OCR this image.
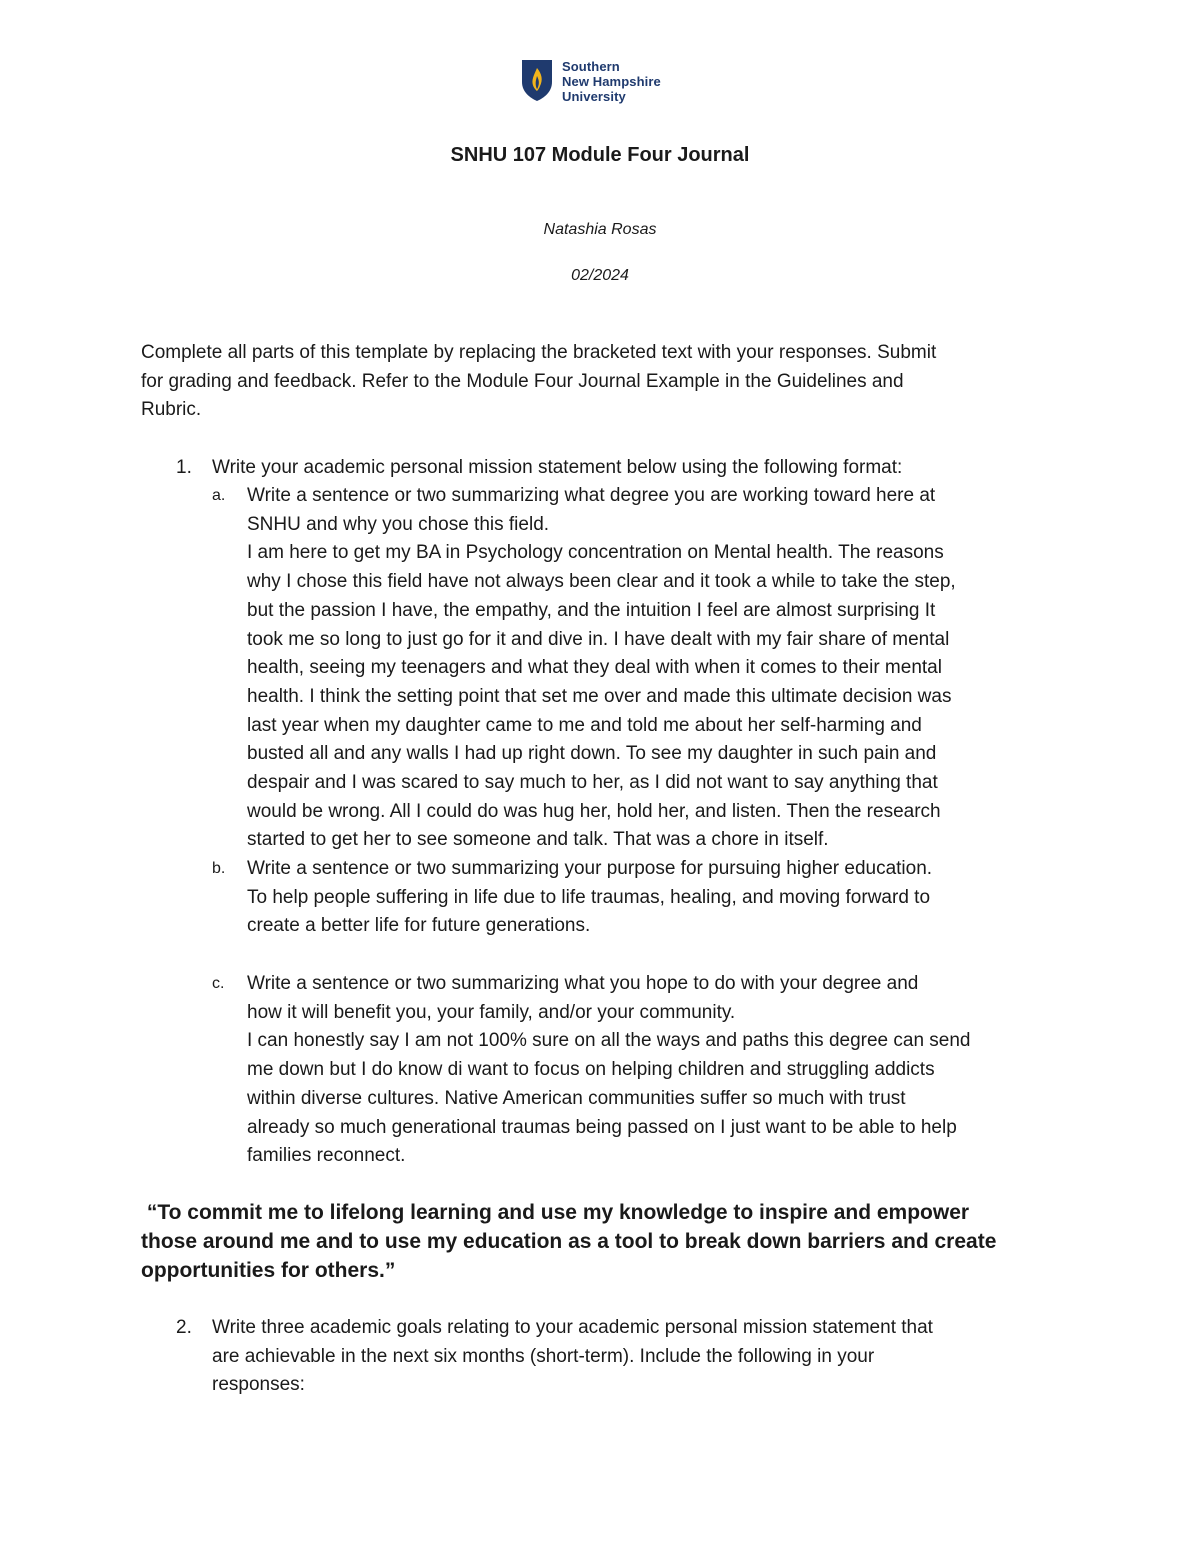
Southern
New Hampshire
University
SNHU 107 Module Four Journal
Natashia Rosas
02/2024
Complete all parts of this template by replacing the bracketed text with your responses. Submit
for grading and feedback. Refer to the Module Four Journal Example in the Guidelines and
Rubric.
1. Write your academic personal mission statement below using the following format:
a. Write a sentence or two summarizing what degree you are working toward here at
SNHU and why you chose this field.
I am here to get my BA in Psychology concentration on Mental health. The reasons
why I chose this field have not always been clear and it took a while to take the step,
but the passion I have, the empathy, and the intuition I feel are almost surprising It
took me so long to just go for it and dive in. I have dealt with my fair share of mental
health, seeing my teenagers and what they deal with when it comes to their mental
health. I think the setting point that set me over and made this ultimate decision was
last year when my daughter came to me and told me about her self-harming and
busted all and any walls I had up right down. To see my daughter in such pain and
despair and I was scared to say much to her, as I did not want to say anything that
would be wrong. All I could do was hug her, hold her, and listen. Then the research
started to get her to see someone and talk. That was a chore in itself.
b. Write a sentence or two summarizing your purpose for pursuing higher education.
To help people suffering in life due to life traumas, healing, and moving forward to
create a better life for future generations.
c. Write a sentence or two summarizing what you hope to do with your degree and
how it will benefit you, your family, and/or your community.
I can honestly say I am not 100% sure on all the ways and paths this degree can send
me down but I do know di want to focus on helping children and struggling addicts
within diverse cultures. Native American communities suffer so much with trust
already so much generational traumas being passed on I just want to be able to help
families reconnect.
“To commit me to lifelong learning and use my knowledge to inspire and empower
those around me and to use my education as a tool to break down barriers and create
opportunities for others.”
2. Write three academic goals relating to your academic personal mission statement that
are achievable in the next six months (short-term). Include the following in your
responses:
